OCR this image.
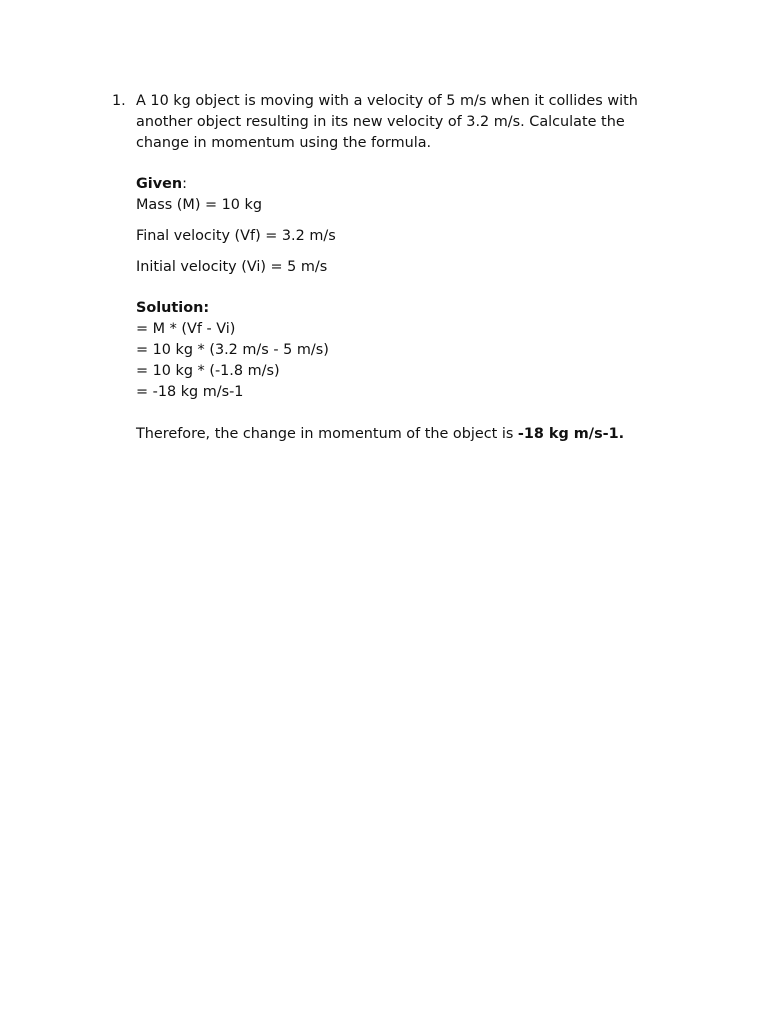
1. A 10 kg object is moving with a velocity of 5 m/s when it collides with another object resulting in its new velocity of 3.2 m/s. Calculate the change in momentum using the formula.

Given:

Mass (M) = 10 kg

Final velocity (Vf) = 3.2 m/s

Initial velocity (Vi) = 5 m/s

Solution:

= M * (Vf - Vi)

= 10 kg * (3.2 m/s - 5 m/s)

= 10 kg * (-1.8 m/s)

= -18 kg m/s-1

Therefore, the change in momentum of the object is -18 kg m/s-1.
